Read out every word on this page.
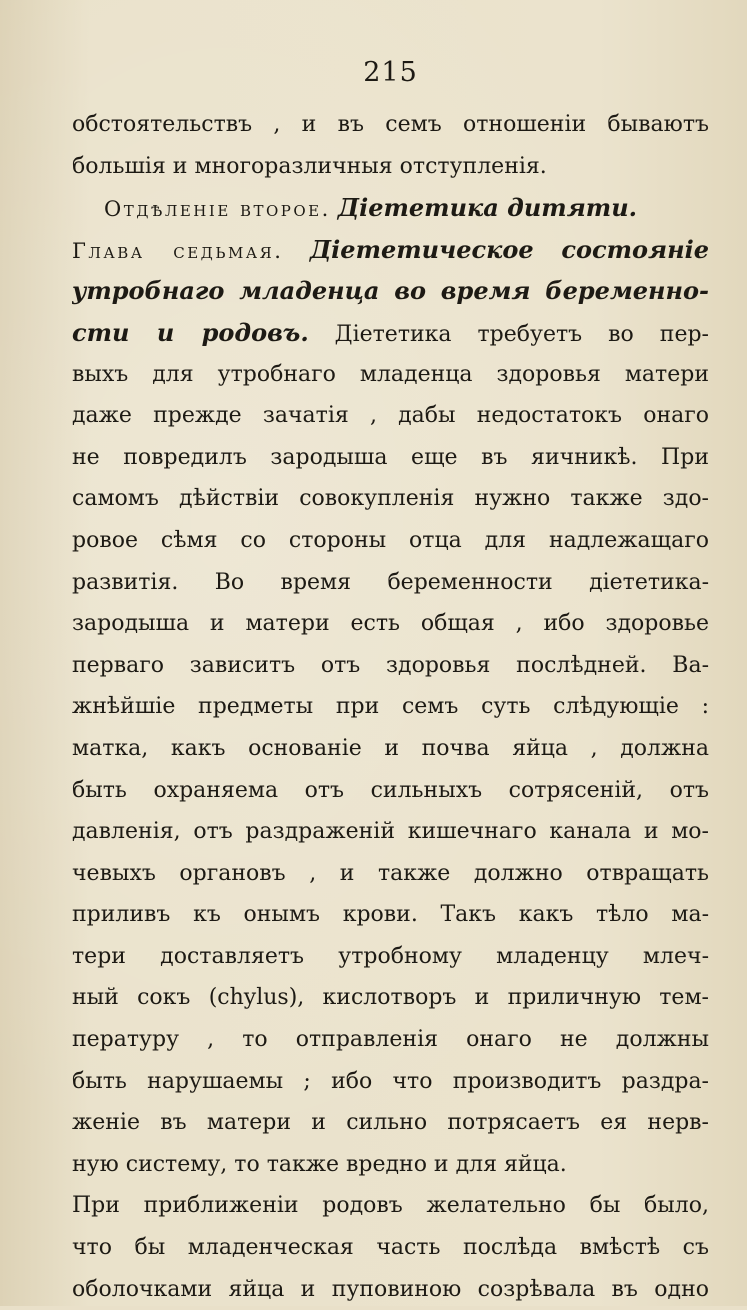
215
обстоятельствъ , и въ семъ отношеніи бываютъ
большія и многоразличныя отступленія.
Отдѣленіе второе. Діететика дитяти.
Глава седьмая. Діететическое состояніе
утробнаго младенца во время беременно-
сти и родовъ. Діететика требуетъ во пер-
выхъ для утробнаго младенца здоровья матери
даже прежде зачатія , дабы недостатокъ онаго
не повредилъ зародыша еще въ яичникѣ. При
самомъ дѣйствіи совокупленія нужно также здо-
ровое сѣмя со стороны отца для надлежащаго
развитія. Во время беременности діететика-
зародыша и матери есть общая , ибо здоровье
перваго зависитъ отъ здоровья послѣдней. Ва-
жнѣйшіе предметы при семъ суть слѣдующіе :
матка, какъ основаніе и почва яйца , должна
быть охраняема отъ сильныхъ сотрясеній, отъ
давленія, отъ раздраженій кишечнаго канала и мо-
чевыхъ органовъ , и также должно отвращать
приливъ къ онымъ крови. Такъ какъ тѣло ма-
тери доставляетъ утробному младенцу млеч-
ный сокъ (chylus), кислотворъ и приличную тем-
пературу , то отправленія онаго не должны
быть нарушаемы ; ибо что производитъ раздра-
женіе въ матери и сильно потрясаетъ ея нерв-
ную систему, то также вредно и для яйца.
При приближеніи родовъ желательно бы было,
что бы младенческая часть послѣда вмѣстѣ съ
оболочками яйца и пуповиною созрѣвала въ одно
